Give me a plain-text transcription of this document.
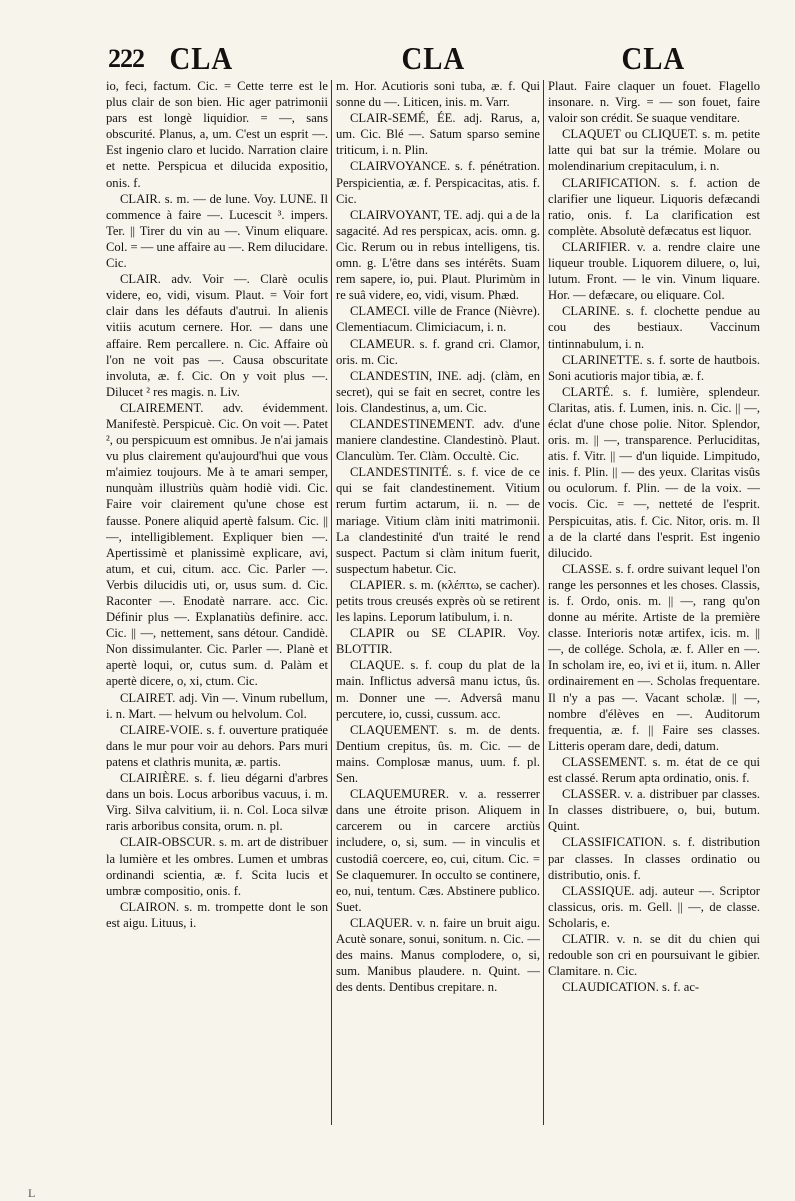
222 CLA	CLA	CLA

io, feci, factum. Cic. = Cette terre est le plus clair de son bien. Hic ager patrimonii pars est longè liquidior. = —, sans obscurité. Planus, a, um. C'est un esprit —. Est ingenio claro et lucido. Narration claire et nette. Perspicua et dilucida expositio, onis. f.

CLAIR. s. m. — de lune. Voy. LUNE. Il commence à faire —. Lucescit ³. impers. Ter. || Tirer du vin au —. Vinum eliquare. Col. = — une affaire au —. Rem dilucidare. Cic.

CLAIR. adv. Voir —. Clarè oculis videre, eo, vidi, visum. Plaut. = Voir fort clair dans les défauts d'autrui. In alienis vitiis acutum cernere. Hor. — dans une affaire. Rem percallere. n. Cic. Affaire où l'on ne voit pas —. Causa obscuritate involuta, æ. f. Cic. On y voit plus —. Dilucet ² res magis. n. Liv.

CLAIREMENT. adv. évidemment. Manifestè. Perspicuè. Cic. On voit —. Patet ², ou perspicuum est omnibus. Je n'ai jamais vu plus clairement qu'aujourd'hui que vous m'aimiez toujours. Me à te amari semper, nunquàm illustriùs quàm hodiè vidi. Cic. Faire voir clairement qu'une chose est fausse. Ponere aliquid apertè falsum. Cic. || —, intelligiblement. Expliquer bien —. Apertissimè et planissimè explicare, avi, atum, et cui, citum. acc. Cic. Parler —. Verbis dilucidis uti, or, usus sum. d. Cic. Raconter —. Enodatè narrare. acc. Cic. Définir plus —. Explanatiùs definire. acc. Cic. || —, nettement, sans détour. Candidè. Non dissimulanter. Cic. Parler —. Planè et apertè loqui, or, cutus sum. d. Palàm et apertè dicere, o, xi, ctum. Cic.

CLAIRET. adj. Vin —. Vinum rubellum, i. n. Mart. — helvum ou helvolum. Col.

CLAIRE-VOIE. s. f. ouverture pratiquée dans le mur pour voir au dehors. Pars muri patens et clathris munita, æ. partis.

CLAIRIÈRE. s. f. lieu dégarni d'arbres dans un bois. Locus arboribus vacuus, i. m. Virg. Silva calvitium, ii. n. Col. Loca silvæ raris arboribus consita, orum. n. pl.

CLAIR-OBSCUR. s. m. art de distribuer la lumière et les ombres. Lumen et umbras ordinandi scientia, æ. f. Scita lucis et umbræ compositio, onis. f.

CLAIRON. s. m. trompette dont le son est aigu. Lituus, i.

m. Hor. Acutioris soni tuba, æ. f. Qui sonne du —. Liticen, inis. m. Varr.

CLAIR-SEMÉ, ÉE. adj. Rarus, a, um. Cic. Blé —. Satum sparso semine triticum, i. n. Plin.

CLAIRVOYANCE. s. f. pénétration. Perspicientia, æ. f. Perspicacitas, atis. f. Cic.

CLAIRVOYANT, TE. adj. qui a de la sagacité. Ad res perspicax, acis. omn. g. Cic. Rerum ou in rebus intelligens, tis. omn. g. L'être dans ses intérêts. Suam rem sapere, io, pui. Plaut. Plurimùm in re suâ videre, eo, vidi, visum. Phæd.

CLAMECI. ville de France (Nièvre). Clementiacum. Climiciacum, i. n.

CLAMEUR. s. f. grand cri. Clamor, oris. m. Cic.

CLANDESTIN, INE. adj. (clàm, en secret), qui se fait en secret, contre les lois. Clandestinus, a, um. Cic.

CLANDESTINEMENT. adv. d'une maniere clandestine. Clandestinò. Plaut. Clanculùm. Ter. Clàm. Occultè. Cic.

CLANDESTINITÉ. s. f. vice de ce qui se fait clandestinement. Vitium rerum furtim actarum, ii. n. — de mariage. Vitium clàm initi matrimonii. La clandestinité d'un traité le rend suspect. Pactum si clàm initum fuerit, suspectum habetur. Cic.

CLAPIER. s. m. (κλέπτω, se cacher). petits trous creusés exprès où se retirent les lapins. Leporum latibulum, i. n.

CLAPIR ou SE CLAPIR. Voy. BLOTTIR.

CLAQUE. s. f. coup du plat de la main. Inflictus adversâ manu ictus, ûs. m. Donner une —. Adversâ manu percutere, io, cussi, cussum. acc.

CLAQUEMENT. s. m. de dents. Dentium crepitus, ûs. m. Cic. — de mains. Complosæ manus, uum. f. pl. Sen.

CLAQUEMURER. v. a. resserrer dans une étroite prison. Aliquem in carcerem ou in carcere arctiùs includere, o, si, sum. — in vinculis et custodiâ coercere, eo, cui, citum. Cic. = Se claquemurer. In occulto se continere, eo, nui, tentum. Cæs. Abstinere publico. Suet.

CLAQUER. v. n. faire un bruit aigu. Acutè sonare, sonui, sonitum. n. Cic. — des mains. Manus complodere, o, si, sum. Manibus plaudere. n. Quint. — des dents. Dentibus crepitare. n.

Plaut. Faire claquer un fouet. Flagello insonare. n. Virg. = — son fouet, faire valoir son crédit. Se suaque venditare.

CLAQUET ou CLIQUET. s. m. petite latte qui bat sur la trémie. Molare ou molendinarium crepitaculum, i. n.

CLARIFICATION. s. f. action de clarifier une liqueur. Liquoris defæcandi ratio, onis. f. La clarification est complète. Absolutè defæcatus est liquor.

CLARIFIER. v. a. rendre claire une liqueur trouble. Liquorem diluere, o, lui, lutum. Front. — le vin. Vinum liquare. Hor. — defæcare, ou eliquare. Col.

CLARINE. s. f. clochette pendue au cou des bestiaux. Vaccinum tintinnabulum, i. n.

CLARINETTE. s. f. sorte de hautbois. Soni acutioris major tibia, æ. f.

CLARTÉ. s. f. lumière, splendeur. Claritas, atis. f. Lumen, inis. n. Cic. || —, éclat d'une chose polie. Nitor. Splendor, oris. m. || —, transparence. Perluciditas, atis. f. Vitr. || — d'un liquide. Limpitudo, inis. f. Plin. || — des yeux. Claritas visûs ou oculorum. f. Plin. — de la voix. — vocis. Cic. = —, netteté de l'esprit. Perspicuitas, atis. f. Cic. Nitor, oris. m. Il a de la clarté dans l'esprit. Est ingenio dilucido.

CLASSE. s. f. ordre suivant lequel l'on range les personnes et les choses. Classis, is. f. Ordo, onis. m. || —, rang qu'on donne au mérite. Artiste de la première classe. Interioris notæ artifex, icis. m. || —, de collége. Schola, æ. f. Aller en —. In scholam ire, eo, ivi et ii, itum. n. Aller ordinairement en —. Scholas frequentare. Il n'y a pas —. Vacant scholæ. || —, nombre d'élèves en —. Auditorum frequentia, æ. f. || Faire ses classes. Litteris operam dare, dedi, datum.

CLASSEMENT. s. m. état de ce qui est classé. Rerum apta ordinatio, onis. f.

CLASSER. v. a. distribuer par classes. In classes distribuere, o, bui, butum. Quint.

CLASSIFICATION. s. f. distribution par classes. In classes ordinatio ou distributio, onis. f.

CLASSIQUE. adj. auteur —. Scriptor classicus, oris. m. Gell. || —, de classe. Scholaris, e.

CLATIR. v. n. se dit du chien qui redouble son cri en poursuivant le gibier. Clamitare. n. Cic.

CLAUDICATION. s. f. ac-

L
